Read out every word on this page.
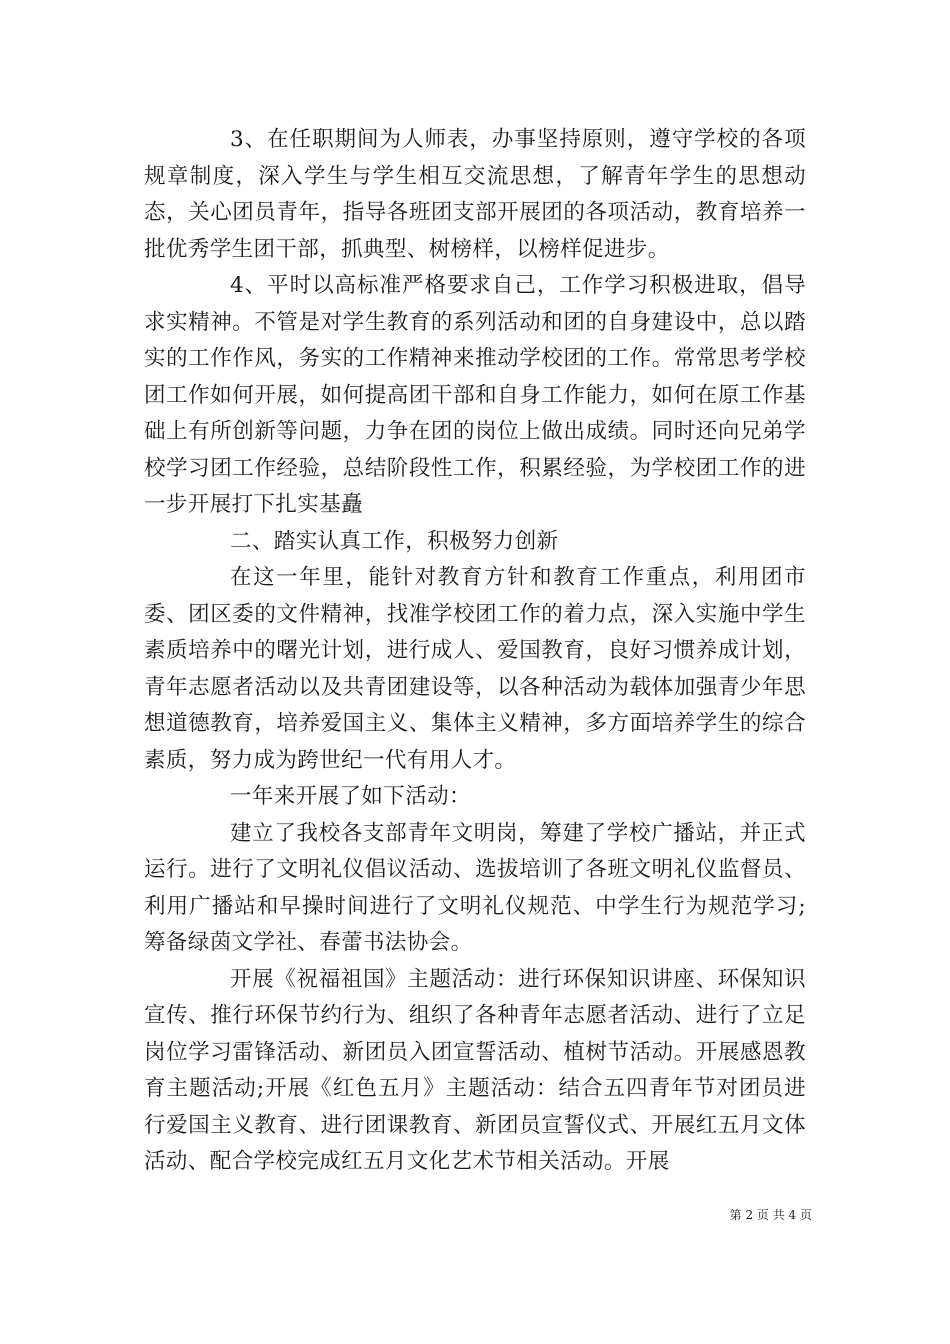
3、在任职期间为人师表，办事坚持原则，遵守学校的各项规章制度，深入学生与学生相互交流思想，了解青年学生的思想动态，关心团员青年，指导各班团支部开展团的各项活动，教育培养一批优秀学生团干部，抓典型、树榜样，以榜样促进步。

4、平时以高标准严格要求自己，工作学习积极进取，倡导求实精神。不管是对学生教育的系列活动和团的自身建设中，总以踏实的工作作风，务实的工作精神来推动学校团的工作。常常思考学校团工作如何开展，如何提高团干部和自身工作能力，如何在原工作基础上有所创新等问题，力争在团的岗位上做出成绩。同时还向兄弟学校学习团工作经验，总结阶段性工作，积累经验，为学校团工作的进一步开展打下扎实基矗

二、踏实认真工作，积极努力创新

在这一年里，能针对教育方针和教育工作重点，利用团市委、团区委的文件精神，找准学校团工作的着力点，深入实施中学生素质培养中的曙光计划，进行成人、爱国教育，良好习惯养成计划，青年志愿者活动以及共青团建设等，以各种活动为载体加强青少年思想道德教育，培养爱国主义、集体主义精神，多方面培养学生的综合素质，努力成为跨世纪一代有用人才。

一年来开展了如下活动：

建立了我校各支部青年文明岗，筹建了学校广播站，并正式运行。进行了文明礼仪倡议活动、选拔培训了各班文明礼仪监督员、利用广播站和早操时间进行了文明礼仪规范、中学生行为规范学习;筹备绿茵文学社、春蕾书法协会。

开展《祝福祖国》主题活动：进行环保知识讲座、环保知识宣传、推行环保节约行为、组织了各种青年志愿者活动、进行了立足岗位学习雷锋活动、新团员入团宣誓活动、植树节活动。开展感恩教育主题活动;开展《红色五月》主题活动：结合五四青年节对团员进行爱国主义教育、进行团课教育、新团员宣誓仪式、开展红五月文体活动、配合学校完成红五月文化艺术节相关活动。开展

第 2 页 共 4 页
